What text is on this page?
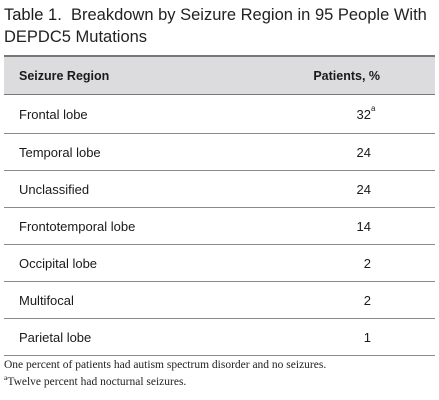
Table 1. Breakdown by Seizure Region in 95 People With DEPDC5 Mutations
Seizure Region	Patients, %
Frontal lobe	32 a

Temporal lobe	24
Unclassified	24
Frontotemporal lobe	14
Occipital lobe	2
Multifocal	2
Parietal lobe	1
One percent of patients had autism spectrum disorder and no seizures.
$^a$Twelve percent had nocturnal seizures.
